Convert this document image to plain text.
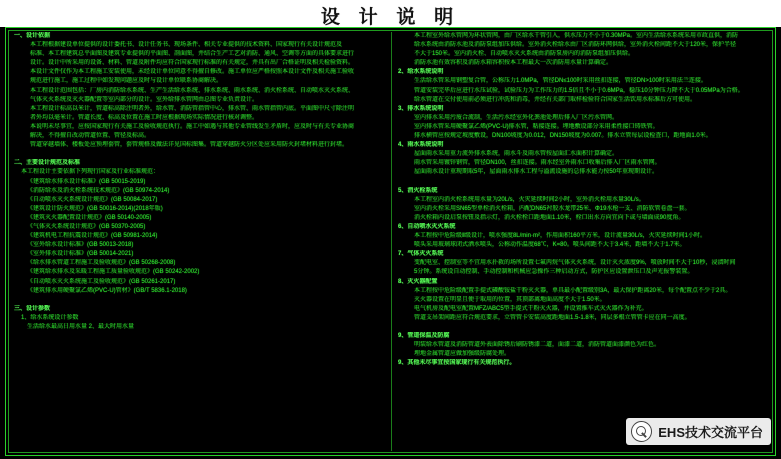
设 计 说 明
一、设计依据
本工程根据建设单位提供的设计委托书、设计任务书、现场条件、相关专业提供的技术资料、国家现行有关设计规范及
标准、本工程建筑总平面图及建筑专业提供的平面图、剖面图，并结合生产工艺对消防、通风、空调等方面的具体要求进行
设计。设计中所采用的设备、材料、管道及附件均应符合国家现行标准的有关规定，并具有出厂合格证明及相关检验资料。
本设计文件仅作为本工程施工安装使用，未经设计单位同意不得擅自修改。施工单位应严格按照本设计文件及相关施工验收
规范进行施工，施工过程中如发现问题应及时与设计单位联系协商解决。
本工程设计范围包括：厂房内消防给水系统、生产生活给水系统、排水系统、雨水系统、消火栓系统、自动喷水灭火系统、
气体灭火系统及灭火器配置等室内部分的设计。室外给排水管网由总图专业负责设计。
本工程设计标高以米计，管道标高除注明者外，给水管、消防管指管中心，排水管、雨水管指管内底。平面图中尺寸除注明
者外均以毫米计。管道长度、标高及位置在施工时应根据现场实际情况进行核对调整。
本说明未尽事宜，应按国家现行有关施工及验收规范执行。施工中如遇与其他专业管线发生矛盾时，应及时与有关专业协商
解决，不得擅自改动管道位置、管径及标高。
管道穿越墙体、楼板处应预埋套管，套管规格及做法详见国标图集。管道穿越防火分区处应采用防火封堵材料进行封堵。

二、主要设计规范及标准
本工程设计主要依据下列现行国家及行业标准规范：
《建筑给水排水设计标准》(GB 50015-2019)
《消防给水及消火栓系统技术规范》(GB 50974-2014)
《自动喷水灭火系统设计规范》(GB 50084-2017)
《建筑设计防火规范》(GB 50016-2014)(2018年版)
《建筑灭火器配置设计规范》(GB 50140-2005)
《气体灭火系统设计规范》(GB 50370-2005)
《建筑机电工程抗震设计规范》(GB 50981-2014)
《室外给水设计标准》(GB 50013-2018)
《室外排水设计标准》(GB 50014-2021)
《给水排水管道工程施工及验收规范》(GB 50268-2008)
《建筑给水排水及采暖工程施工质量验收规范》(GB 50242-2002)
《自动喷水灭火系统施工及验收规范》(GB 50261-2017)
《建筑排水用硬聚氯乙烯(PVC-U)管材》(GB/T 5836.1-2018)

三、设计参数
1、给水系统设计参数
生活给水最高日用水量 2、最大时用水量
本工程室外给水管网为环状管网，由厂区给水干管引入，供水压力不小于0.30MPa。室内生活给水系统采用市政直供，消防
给水系统由消防水池及消防泵组加压供给。室外消火栓给水由厂区消防环网供给，室外消火栓间距不大于120米，保护半径
不大于150米。室内消火栓、自动喷水灭火系统由消防泵房内的消防泵组加压供给。
消防水池有效容积及消防水箱容积按本工程最大一次消防用水量计算确定。
2、给水系统说明
生活给水管采用钢塑复合管，公称压力1.0MPa，管径DN≤100时采用丝扣连接，管径DN>100时采用法兰连接。
管道安装完毕后应进行水压试验，试验压力为工作压力的1.5倍且不小于0.6MPa，稳压10分钟压力降不大于0.05MPa为合格。
给水管道在交付使用前必须进行冲洗和消毒，并经有关部门取样检验符合国家生活饮用水标准后方可使用。
3、排水系统说明
室内排水采用污废合流制，生活污水经室外化粪池处理后排入厂区污水管网。
室内排水管采用硬聚氯乙烯(PVC-U)排水管，粘接连接。埋地敷设部分采用柔性接口铸铁管。
排水横管应按规定坡度敷设，DN100坡度为0.012，DN150坡度为0.007。排水立管每层设检查口，距地面1.0米。
4、雨水系统说明
屋面雨水采用重力流外排水系统，雨水斗及雨水管按屋面汇水面积计算确定。
雨水管采用镀锌钢管，管径DN100，丝扣连接。雨水经室外雨水口收集后排入厂区雨水管网。
屋面雨水设计重现期取5年，屋面雨水排水工程与溢流设施的总排水能力按50年重现期设计。

5、消火栓系统
本工程室内消火栓系统用水量为20L/s，火灾延续时间2小时，室外消火栓用水量30L/s。
室内消火栓采用SN65型单栓消火栓箱，内配DN65衬胶水龙带25米、Φ19水枪一支、消防软管卷盘一套。
消火栓箱内设启泵按钮及指示灯，消火栓栓口距地面1.10米，栓口出水方向宜向下或与墙面成90度角。
6、自动喷水灭火系统
本工程按中危险级Ⅱ级设计，喷水强度8L/min·m²，作用面积160平方米，设计流量30L/s，火灾延续时间1小时。
喷头采用玻璃球闭式洒水喷头，公称动作温度68℃，K=80。喷头间距不大于3.4米，距墙不大于1.7米。
7、气体灭火系统
变配电室、控制室等不宜用水扑救的场所设置七氟丙烷气体灭火系统，设计灭火浓度9%，喷放时间不大于10秒，浸渍时间
5分钟。系统设自动控制、手动控制和机械应急操作三种启动方式，防护区应设置泄压口及声光报警装置。
8、灭火器配置
本工程按中危险级配置手提式磷酸铵盐干粉灭火器，单具最小配置级别3A，最大保护距离20米，每个配置点不少于2具。
灭火器设置在明显且便于取用的位置，其顶部离地面高度不大于1.50米。
电气机房及配电室配置MFZ/ABC5型手提式干粉灭火器，并设置推车式灭火器作为补充。
管道支吊架间距应符合规范要求，立管管卡安装高度距地面1.5-1.8米，同层多根立管管卡应在同一高度。

9、管道保温及防腐
明装给水管道及消防管道外表面除锈后刷防锈漆二道，面漆二道，消防管道面漆颜色为红色。
埋地金属管道应做加强级防腐处理。
9、其他未尽事宜按国家现行有关规范执行。
EHS技术交流平台
